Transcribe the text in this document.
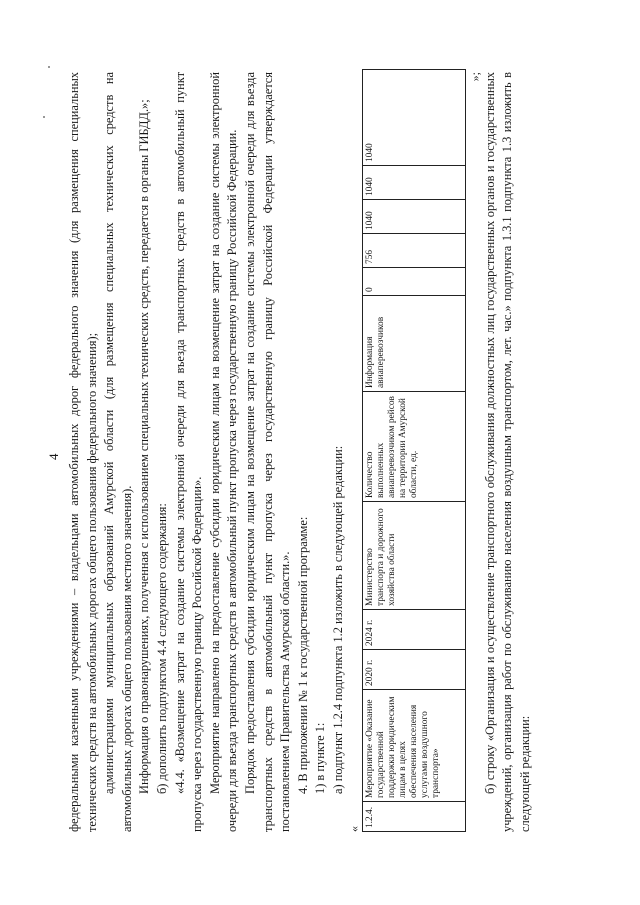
4 федеральными казенными учреждениями – владельцами автомобильных дорог федерального значения (для размещения специальных технических средств на автомобильных дорогах общего пользования федерального значения); администрациями муниципальных образований Амурской области (для размещения специальных технических средств на автомобильных дорогах общего пользования местного значения). Информация о правонарушениях, полученная с использованием специальных технических средств, передается в органы ГИБДД.»; б) дополнить подпунктом 4.4 следующего содержания: «4.4. «Возмещение затрат на создание системы электронной очереди для въезда транспортных средств в автомобильный пункт пропуска через государственную границу Российской Федерации». Мероприятие направлено на предоставление субсидии юридическим лицам на возмещение затрат на создание системы электронной очереди для въезда транспортных средств в автомобильный пункт пропуска через государственную границу Российской Федерации. Порядок предоставления субсидии юридическим лицам на возмещение затрат на создание системы электронной очереди для въезда транспортных средств в автомобильный пункт пропуска через государственную границу Российской Федерации утверждается постановлением Правительства Амурской области.». 4. В приложении № 1 к государственной программе: 1) в пункте 1: а) подпункт 1.2.4 подпункта 1.2 изложить в следующей редакции:

«

1.2.4.	Мероприятие «Оказание государственной поддержки юридическим лицам в целях обеспечения населения услугами воздушного транспорта»	2020 г.	2024 г.	Министерство транспорта и дорожного хозяйства области	Количество выполненных авиаперевозчиком рейсов на территории Амурской области, ед.	Информация авиаперевозчиков	0	756	1040	1040	1040

»; б) строку «Организация и осуществление транспортного обслуживания должностных лиц государственных органов и государственных учреждений, организация работ по обслуживанию населения воздушным транспортом, лет. час.» подпункта 1.3.1 подпункта 1.3 изложить в следующей редакции:
